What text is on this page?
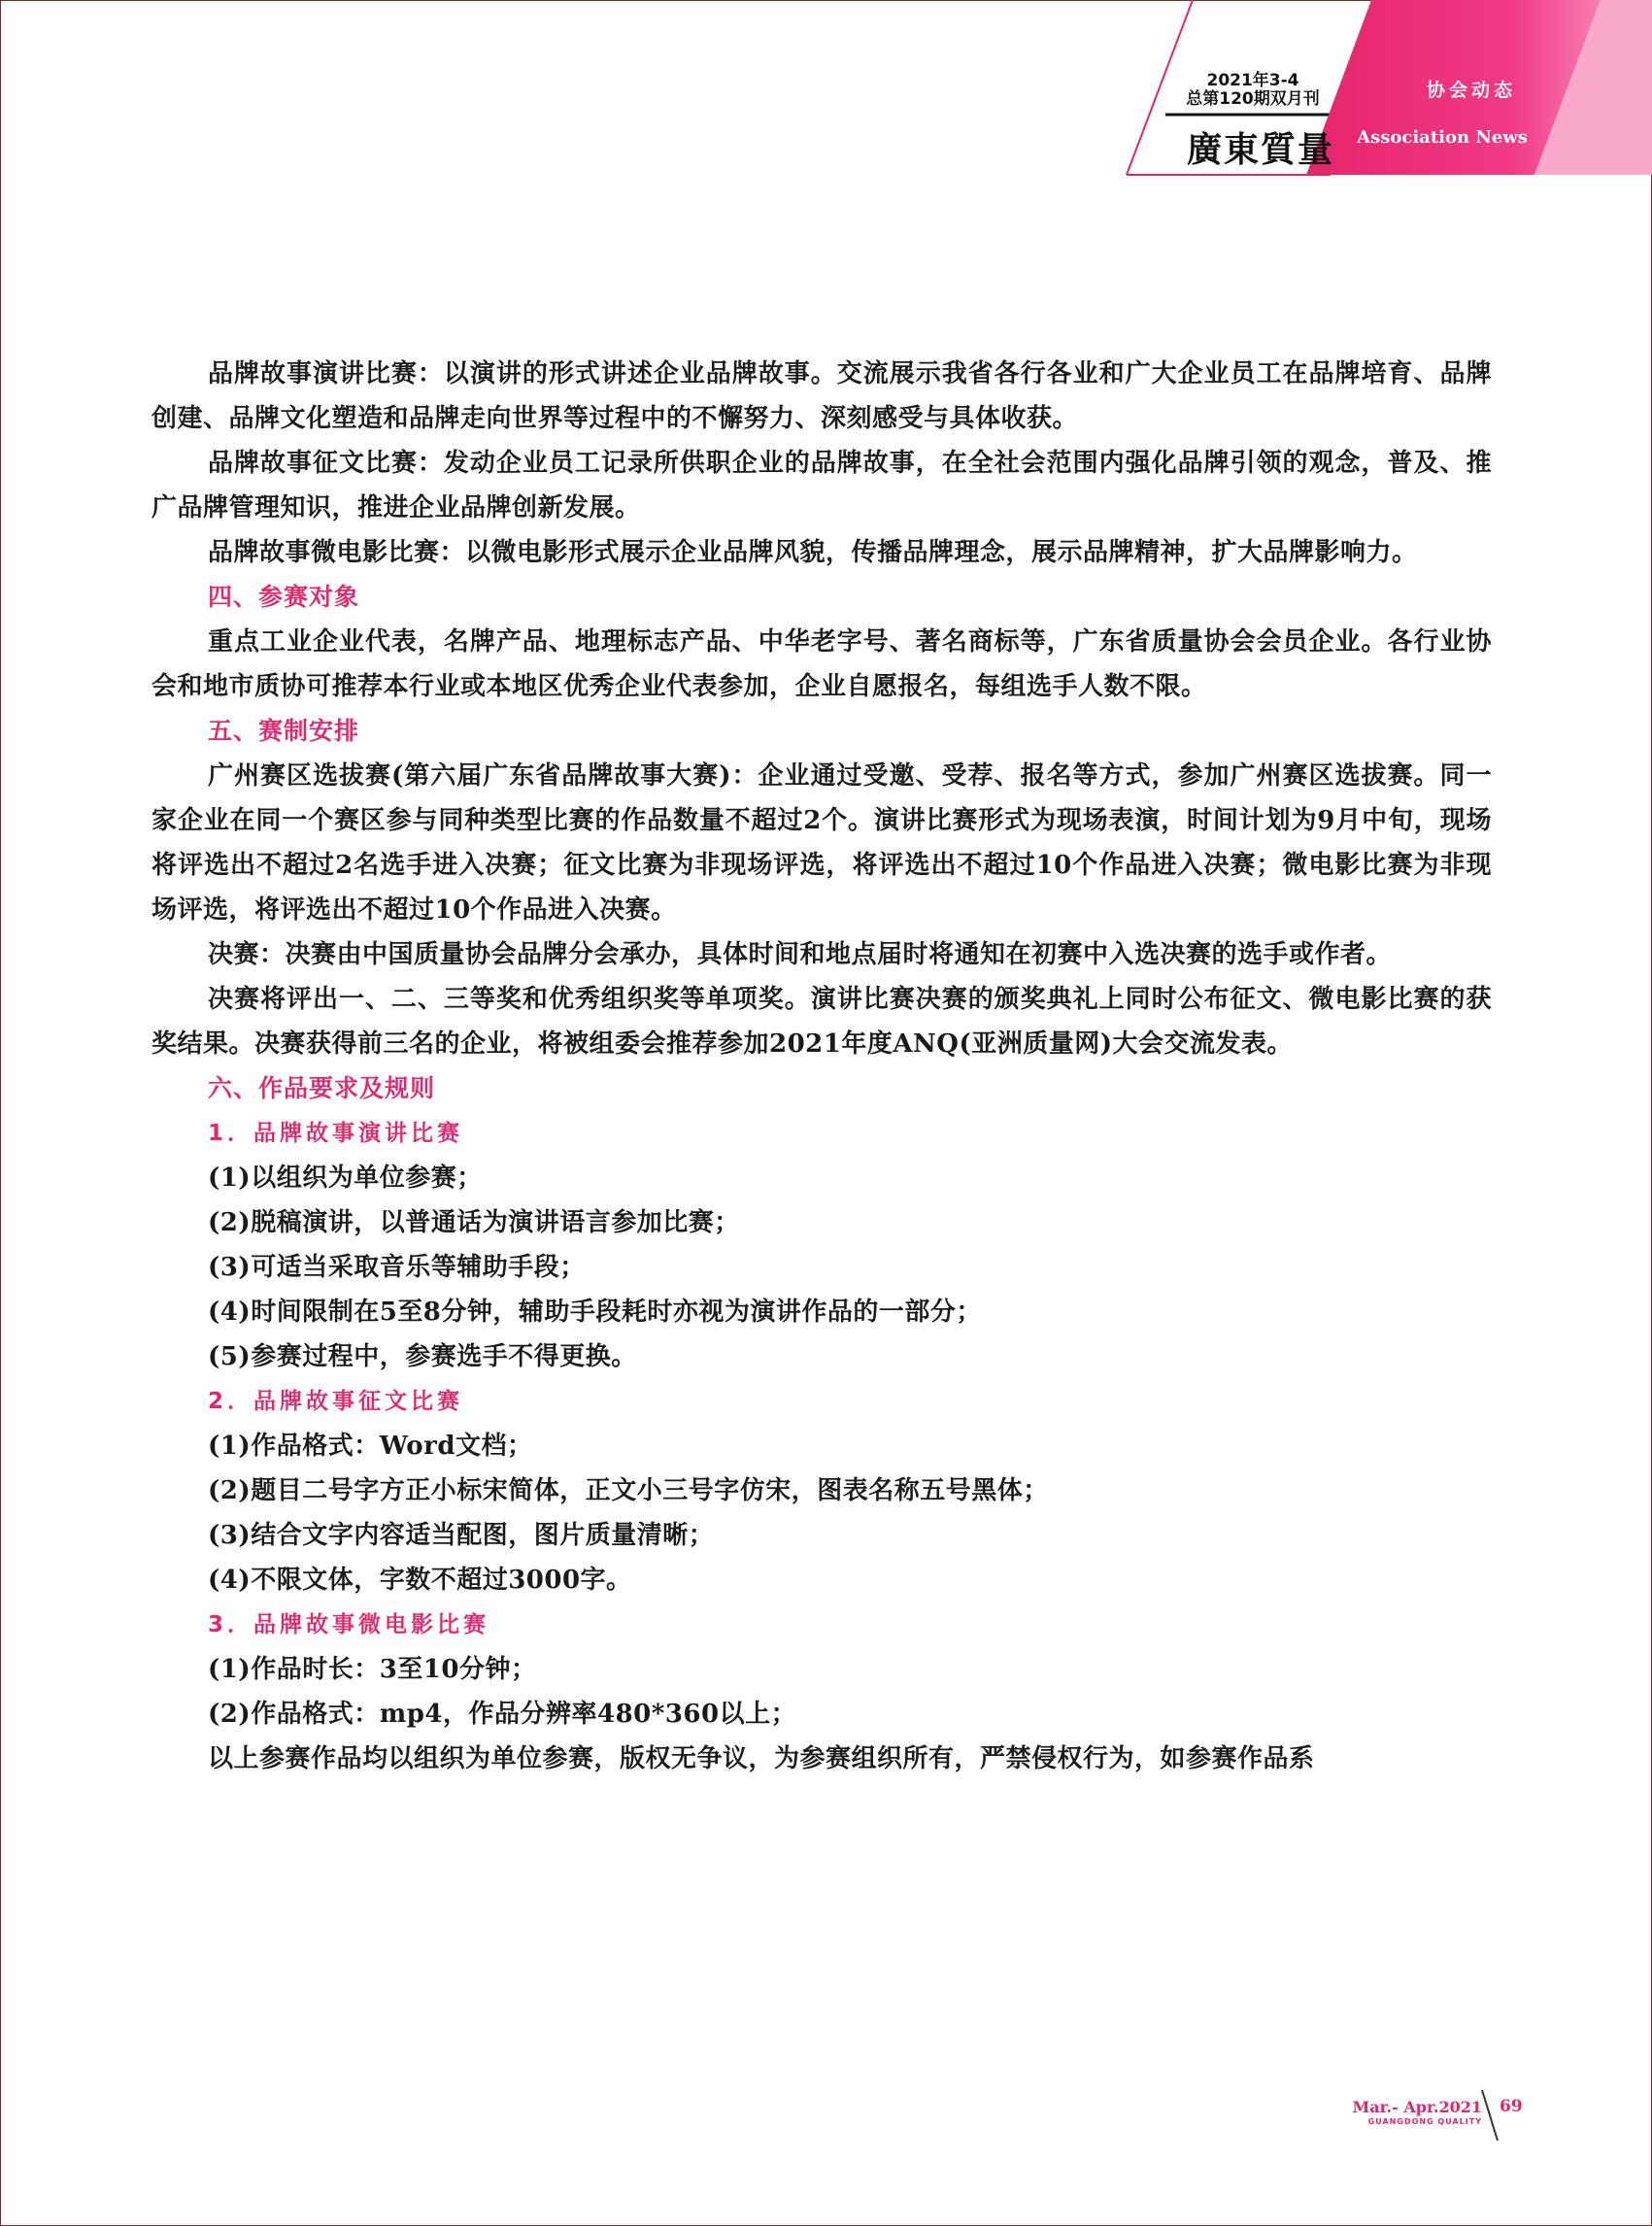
2021年3-4
总第120期双月刊
廣東質量
协会动态
Association News

品牌故事演讲比赛：以演讲的形式讲述企业品牌故事。交流展示我省各行各业和广大企业员工在品牌培育、品牌创建、品牌文化塑造和品牌走向世界等过程中的不懈努力、深刻感受与具体收获。

品牌故事征文比赛：发动企业员工记录所供职企业的品牌故事，在全社会范围内强化品牌引领的观念，普及、推广品牌管理知识，推进企业品牌创新发展。

品牌故事微电影比赛：以微电影形式展示企业品牌风貌，传播品牌理念，展示品牌精神，扩大品牌影响力。

四、参赛对象

重点工业企业代表，名牌产品、地理标志产品、中华老字号、著名商标等，广东省质量协会会员企业。各行业协会和地市质协可推荐本行业或本地区优秀企业代表参加，企业自愿报名，每组选手人数不限。

五、赛制安排

广州赛区选拔赛(第六届广东省品牌故事大赛)：企业通过受邀、受荐、报名等方式，参加广州赛区选拔赛。同一家企业在同一个赛区参与同种类型比赛的作品数量不超过2个。演讲比赛形式为现场表演，时间计划为9月中旬，现场将评选出不超过2名选手进入决赛；征文比赛为非现场评选，将评选出不超过10个作品进入决赛；微电影比赛为非现场评选，将评选出不超过10个作品进入决赛。

决赛：决赛由中国质量协会品牌分会承办，具体时间和地点届时将通知在初赛中入选决赛的选手或作者。

决赛将评出一、二、三等奖和优秀组织奖等单项奖。演讲比赛决赛的颁奖典礼上同时公布征文、微电影比赛的获奖结果。决赛获得前三名的企业，将被组委会推荐参加2021年度ANQ(亚洲质量网)大会交流发表。

六、作品要求及规则

1．品牌故事演讲比赛

(1)以组织为单位参赛；

(2)脱稿演讲，以普通话为演讲语言参加比赛；

(3)可适当采取音乐等辅助手段；

(4)时间限制在5至8分钟，辅助手段耗时亦视为演讲作品的一部分；

(5)参赛过程中，参赛选手不得更换。

2．品牌故事征文比赛

(1)作品格式：Word文档；

(2)题目二号字方正小标宋简体，正文小三号字仿宋，图表名称五号黑体；

(3)结合文字内容适当配图，图片质量清晰；

(4)不限文体，字数不超过3000字。

3．品牌故事微电影比赛

(1)作品时长：3至10分钟；

(2)作品格式：mp4，作品分辨率480*360以上；

以上参赛作品均以组织为单位参赛，版权无争议，为参赛组织所有，严禁侵权行为，如参赛作品系

Mar.- Apr.2021
GUANGDONG QUALITY
69
